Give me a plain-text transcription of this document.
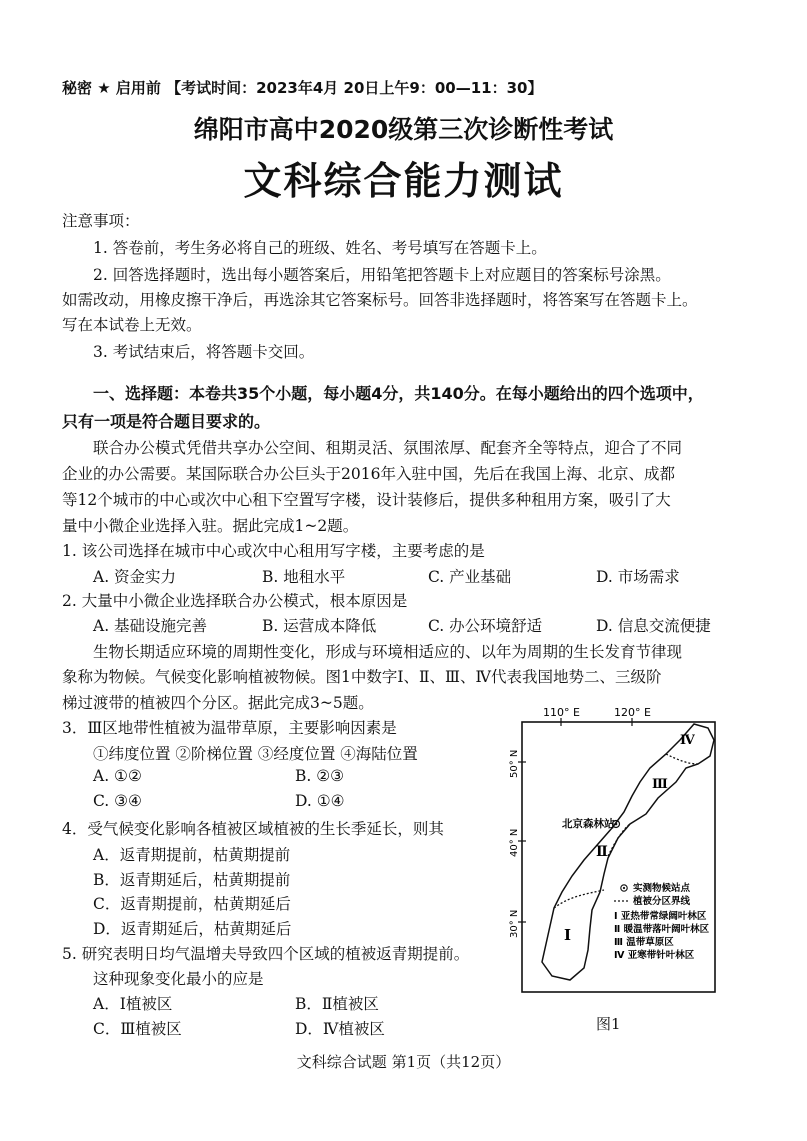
秘密 ★ 启用前 【考试时间：2023年4月 20日上午9：00—11：30】
绵阳市高中2020级第三次诊断性考试
文科综合能力测试
注意事项：
1. 答卷前，考生务必将自己的班级、姓名、考号填写在答题卡上。
2. 回答选择题时，选出每小题答案后，用铅笔把答题卡上对应题目的答案标号涂黑。
如需改动，用橡皮擦干净后，再选涂其它答案标号。回答非选择题时，将答案写在答题卡上。
写在本试卷上无效。
3. 考试结束后，将答题卡交回。
一、选择题：本卷共35个小题，每小题4分，共140分。在每小题给出的四个选项中，
只有一项是符合题目要求的。
联合办公模式凭借共享办公空间、租期灵活、氛围浓厚、配套齐全等特点，迎合了不同
企业的办公需要。某国际联合办公巨头于2016年入驻中国，先后在我国上海、北京、成都
等12个城市的中心或次中心租下空置写字楼，设计装修后，提供多种租用方案，吸引了大
量中小微企业选择入驻。据此完成1~2题。
1. 该公司选择在城市中心或次中心租用写字楼，主要考虑的是
A. 资金实力	B. 地租水平	C. 产业基础	D. 市场需求
2. 大量中小微企业选择联合办公模式，根本原因是
A. 基础设施完善	B. 运营成本降低	C. 办公环境舒适	D. 信息交流便捷
生物长期适应环境的周期性变化，形成与环境相适应的、以年为周期的生长发育节律现
象称为物候。气候变化影响植被物候。图1中数字Ⅰ、Ⅱ、Ⅲ、Ⅳ代表我国地势二、三级阶
梯过渡带的植被四个分区。据此完成3~5题。
3．Ⅲ区地带性植被为温带草原，主要影响因素是
①纬度位置 ②阶梯位置 ③经度位置 ④海陆位置
A. ①②	B. ②③
C. ③④	D. ①④
4．受气候变化影响各植被区域植被的生长季延长，则其
A．返青期提前，枯黄期提前
B．返青期延后，枯黄期提前
C．返青期提前，枯黄期延后
D．返青期延后，枯黄期延后
5. 研究表明日均气温增夫导致四个区域的植被返青期提前。
这种现象变化最小的应是
A．Ⅰ植被区	B．Ⅱ植被区
C．Ⅲ植被区	D．Ⅳ植被区
110° E	120° E
50° N
40° N
30° N	Ⅰ
Ⅱ
Ⅲ
Ⅳ
北京森林站
实测物候站点
植被分区界线
Ⅰ 亚热带常绿阔叶林区
Ⅱ 暖温带落叶阔叶林区
Ⅲ 温带草原区
Ⅳ 亚寒带针叶林区
图1
文科综合试题 第1页（共12页）
